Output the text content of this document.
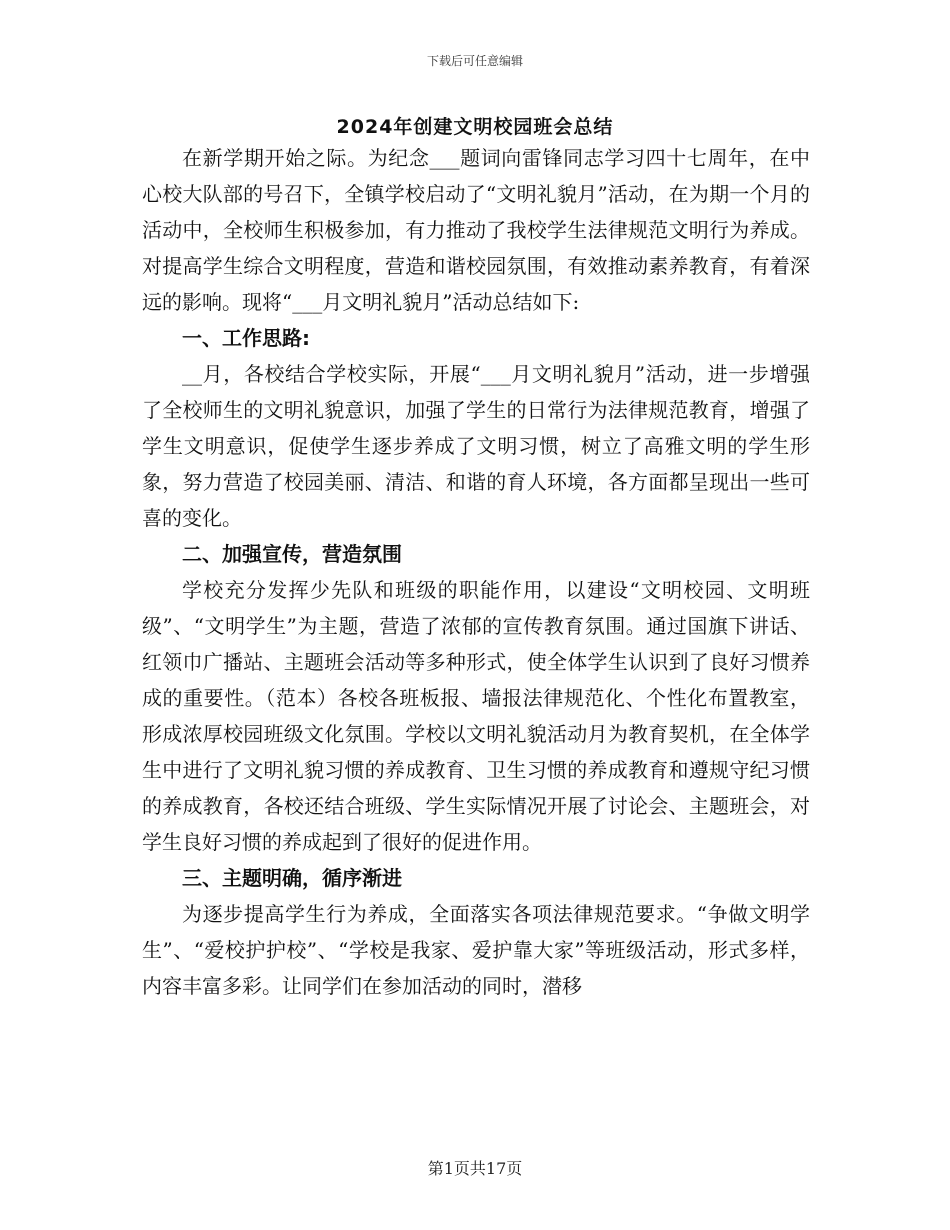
下载后可任意编辑
2024年创建文明校园班会总结

在新学期开始之际。为纪念___题词向雷锋同志学习四十七周年，在中心校大队部的号召下，全镇学校启动了“文明礼貌月”活动，在为期一个月的活动中，全校师生积极参加，有力推动了我校学生法律规范文明行为养成。对提高学生综合文明程度，营造和谐校园氛围，有效推动素养教育，有着深远的影响。现将“___月文明礼貌月”活动总结如下:

一、工作思路:

__月，各校结合学校实际，开展“___月文明礼貌月”活动，进一步增强了全校师生的文明礼貌意识，加强了学生的日常行为法律规范教育，增强了学生文明意识，促使学生逐步养成了文明习惯，树立了高雅文明的学生形象，努力营造了校园美丽、清洁、和谐的育人环境，各方面都呈现出一些可喜的变化。

二、加强宣传，营造氛围

学校充分发挥少先队和班级的职能作用，以建设“文明校园、文明班级”、“文明学生”为主题，营造了浓郁的宣传教育氛围。通过国旗下讲话、红领巾广播站、主题班会活动等多种形式，使全体学生认识到了良好习惯养成的重要性。（范本）各校各班板报、墙报法律规范化、个性化布置教室，形成浓厚校园班级文化氛围。学校以文明礼貌活动月为教育契机，在全体学生中进行了文明礼貌习惯的养成教育、卫生习惯的养成教育和遵规守纪习惯的养成教育，各校还结合班级、学生实际情况开展了讨论会、主题班会，对学生良好习惯的养成起到了很好的促进作用。

三、主题明确，循序渐进

为逐步提高学生行为养成，全面落实各项法律规范要求。“争做文明学生”、“爱校护护校”、“学校是我家、爱护靠大家”等班级活动，形式多样，内容丰富多彩。让同学们在参加活动的同时，潜移

第1页共17页
